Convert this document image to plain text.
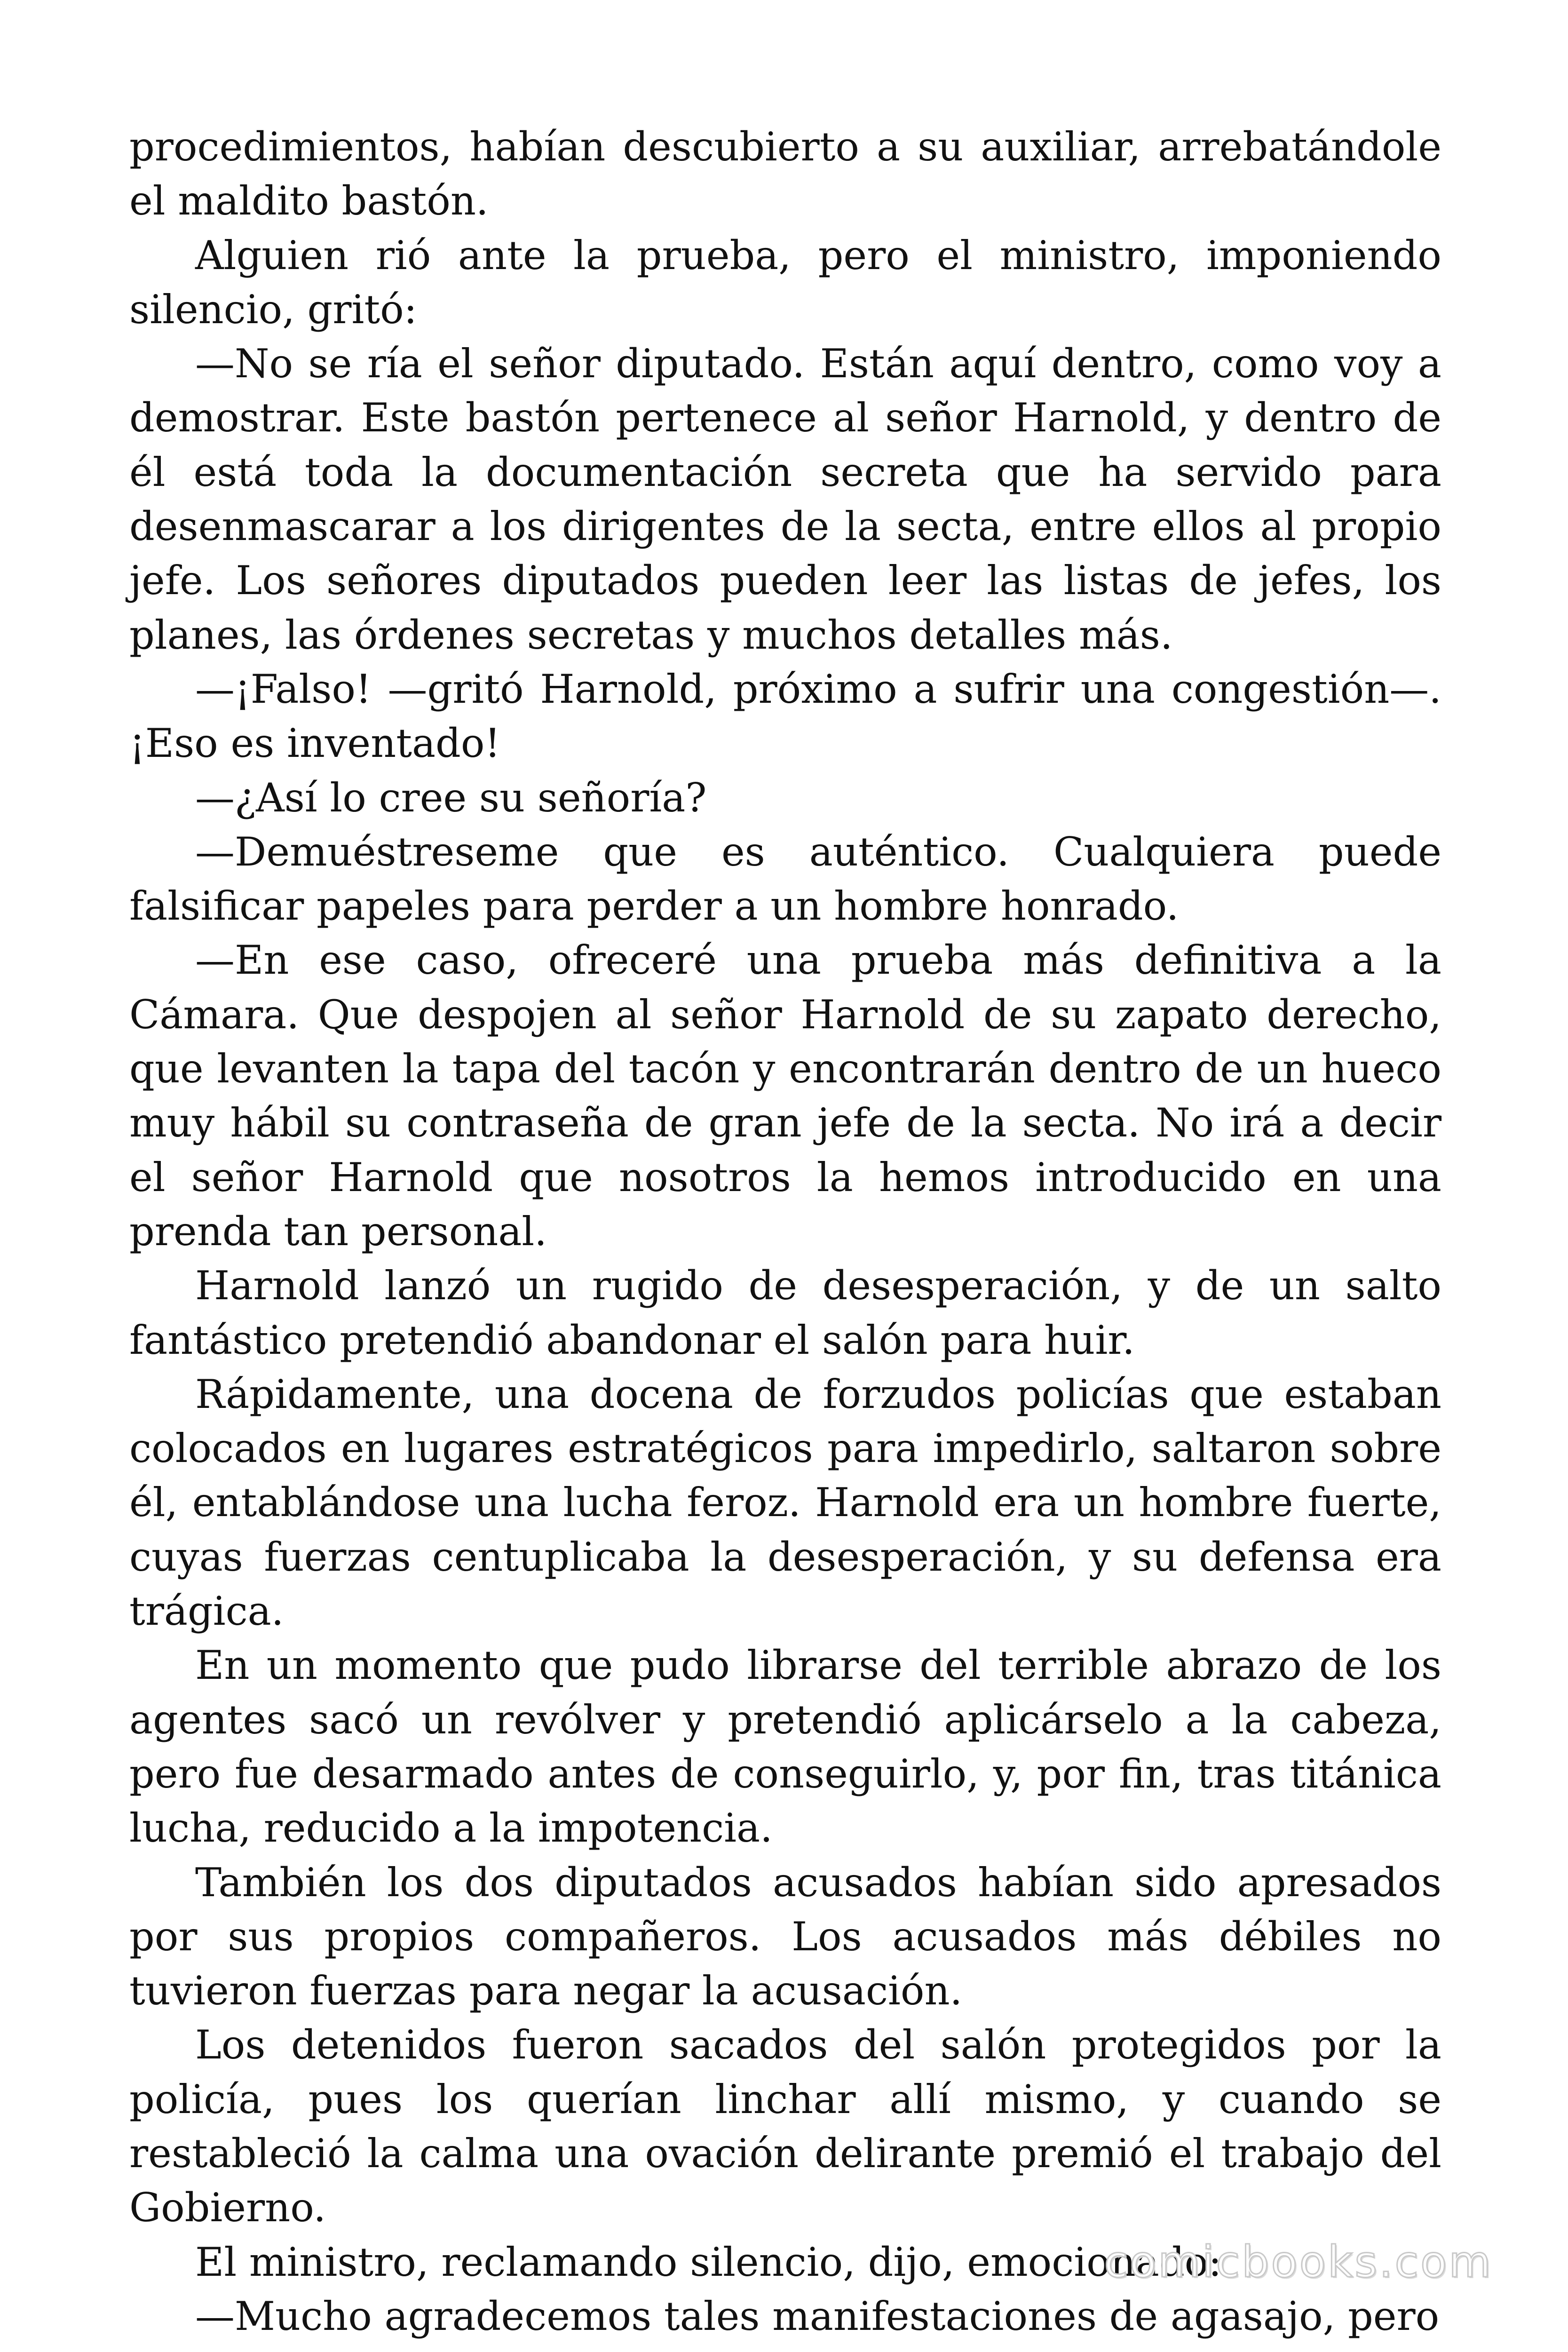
procedimientos, habían descubierto a su auxiliar, arrebatándole el maldito bastón.

Alguien rió ante la prueba, pero el ministro, imponiendo silencio, gritó:

—No se ría el señor diputado. Están aquí dentro, como voy a demostrar. Este bastón pertenece al señor Harnold, y dentro de él está toda la documentación secreta que ha servido para desenmascarar a los dirigentes de la secta, entre ellos al propio jefe. Los señores diputados pueden leer las listas de jefes, los planes, las órdenes secretas y muchos detalles más.

—¡Falso! —gritó Harnold, próximo a sufrir una congestión—. ¡Eso es inventado!

—¿Así lo cree su señoría?

—Demuéstreseme que es auténtico. Cualquiera puede falsificar papeles para perder a un hombre honrado.

—En ese caso, ofreceré una prueba más definitiva a la Cámara. Que despojen al señor Harnold de su zapato derecho, que levanten la tapa del tacón y encontrarán dentro de un hueco muy hábil su contraseña de gran jefe de la secta. No irá a decir el señor Harnold que nosotros la hemos introducido en una prenda tan personal.

Harnold lanzó un rugido de desesperación, y de un salto fantástico pretendió abandonar el salón para huir.

Rápidamente, una docena de forzudos policías que estaban colocados en lugares estratégicos para impedirlo, saltaron sobre él, entablándose una lucha feroz. Harnold era un hombre fuerte, cuyas fuerzas centuplicaba la desesperación, y su defensa era trágica.

En un momento que pudo librarse del terrible abrazo de los agentes sacó un revólver y pretendió aplicárselo a la cabeza, pero fue desarmado antes de conseguirlo, y, por fin, tras titánica lucha, reducido a la impotencia.

También los dos diputados acusados habían sido apresados por sus propios compañeros. Los acusados más débiles no tuvieron fuerzas para negar la acusación.

Los detenidos fueron sacados del salón protegidos por la policía, pues los querían linchar allí mismo, y cuando se restableció la calma una ovación delirante premió el trabajo del Gobierno.

El ministro, reclamando silencio, dijo, emocionado:

—Mucho agradecemos tales manifestaciones de agasajo, pero

comicbooks.com
